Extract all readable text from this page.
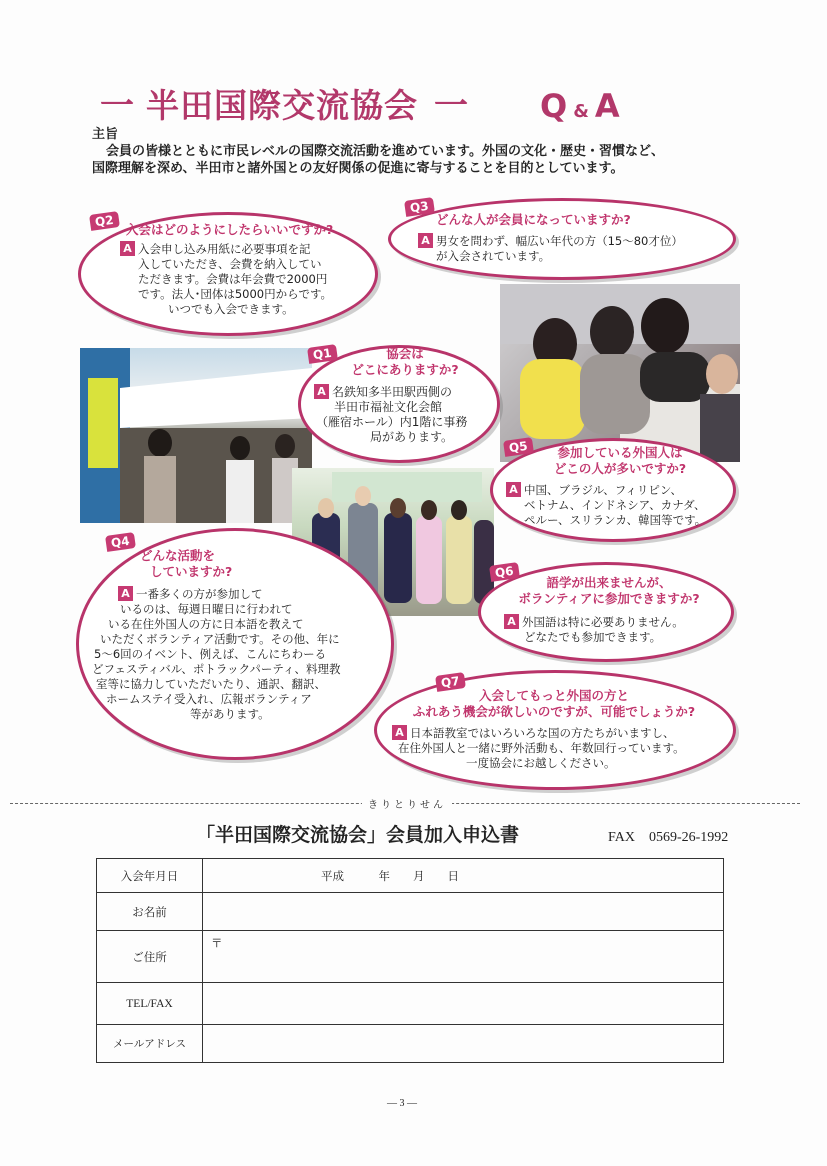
一 半田国際交流協会 一	Q & A
主旨
会員の皆様とともに市民レベルの国際交流活動を進めています。外国の文化・歴史・習慣など、
国際理解を深め、半田市と諸外国との友好関係の促進に寄与することを目的としています。
Q2
入会はどのようにしたらいいですか?
A 入会申し込み用紙に必要事項を記
入していただき、会費を納入してい
ただきます。会費は年会費で2000円
です。法人･団体は5000円からです。
いつでも入会できます。
Q3
どんな人が会員になっていますか?
A 男女を問わず、幅広い年代の方（15～80才位）
が入会されています。
Q1	協会は
どこにありますか?
A 名鉄知多半田駅西側の
半田市福祉文化会館
（雁宿ホール）内1階に事務
局があります。
Q5	参加している外国人は
どこの人が多いですか?
A 中国、ブラジル、フィリピン、
ベトナム、インドネシア、カナダ、
ペルー、スリランカ、韓国等です。
Q4
どんな活動を
していますか?
A 一番多くの方が参加して
いるのは、毎週日曜日に行われて
いる在住外国人の方に日本語を教えて
いただくボランティア活動です。その他、年に
5～6回のイベント、例えば、こんにちわーる
どフェスティバル、ポトラックパーティ、料理教
室等に協力していただいたり、通訳、翻訳、
ホームステイ受入れ、広報ボランティア
等があります。
Q6
語学が出来ませんが、
ボランティアに参加できますか?
A 外国語は特に必要ありません。
どなたでも参加できます。
Q7
入会してもっと外国の方と
ふれあう機会が欲しいのですが、可能でしょうか?
A 日本語教室ではいろいろな国の方たちがいますし、
在住外国人と一緒に野外活動も、年数回行っています。
一度協会にお越しください。
きりとりせん
「半田国際交流協会」会員加入申込書	FAX　0569-26-1992
入会年月日	平成　　　年　　月　　日
お名前	
ご住所	〒
TEL/FAX	
メールアドレス	
― 3 ―
